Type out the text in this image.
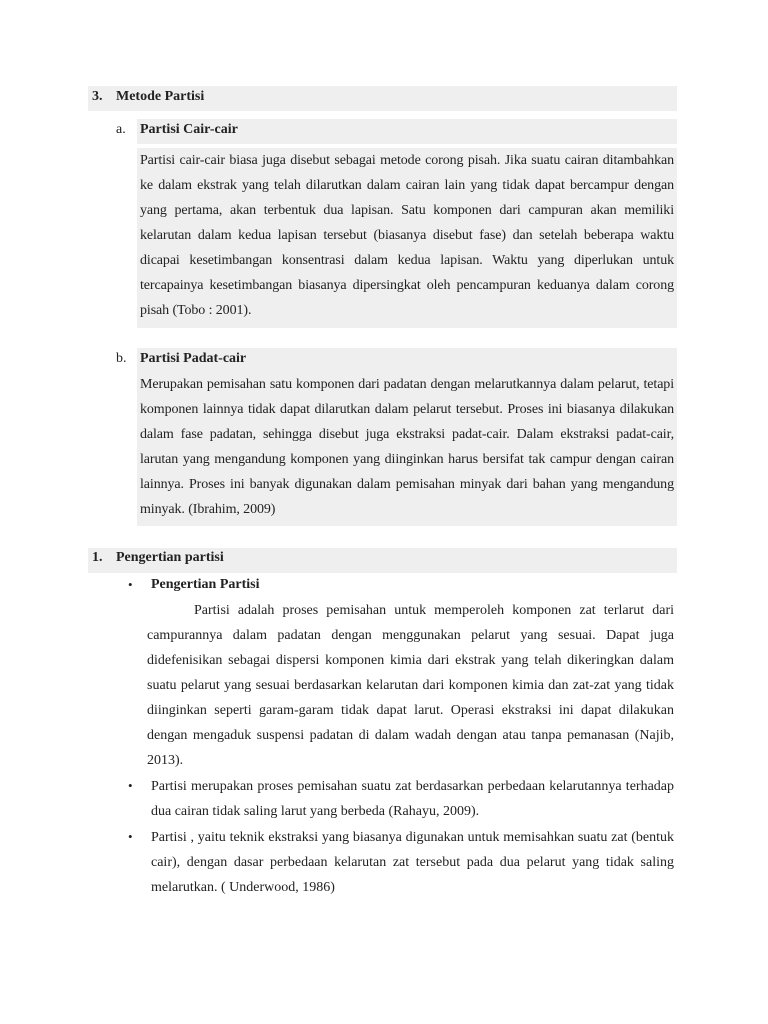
3. Metode Partisi
a. Partisi Cair-cair
Partisi cair-cair biasa juga disebut sebagai metode corong pisah. Jika suatu cairan ditambahkan ke dalam ekstrak yang telah dilarutkan dalam cairan lain yang tidak dapat bercampur dengan yang pertama, akan terbentuk dua lapisan. Satu komponen dari campuran akan memiliki kelarutan dalam kedua lapisan tersebut (biasanya disebut fase) dan setelah beberapa waktu dicapai kesetimbangan konsentrasi dalam kedua lapisan. Waktu yang diperlukan untuk tercapainya kesetimbangan biasanya dipersingkat oleh pencampuran keduanya dalam corong pisah (Tobo : 2001).
b. Partisi Padat-cair
Merupakan pemisahan satu komponen dari padatan dengan melarutkannya dalam pelarut, tetapi komponen lainnya tidak dapat dilarutkan dalam pelarut tersebut. Proses ini biasanya dilakukan dalam fase padatan, sehingga disebut juga ekstraksi padat-cair. Dalam ekstraksi padat-cair, larutan yang mengandung komponen yang diinginkan harus bersifat tak campur dengan cairan lainnya. Proses ini banyak digunakan dalam pemisahan minyak dari bahan yang mengandung minyak. (Ibrahim, 2009)
1. Pengertian partisi
• Pengertian Partisi
Partisi adalah proses pemisahan untuk memperoleh komponen zat terlarut dari campurannya dalam padatan dengan menggunakan pelarut yang sesuai. Dapat juga didefenisikan sebagai dispersi komponen kimia dari ekstrak yang telah dikeringkan dalam suatu pelarut yang sesuai berdasarkan kelarutan dari komponen kimia dan zat-zat yang tidak diinginkan seperti garam-garam tidak dapat larut. Operasi ekstraksi ini dapat dilakukan dengan mengaduk suspensi padatan di dalam wadah dengan atau tanpa pemanasan (Najib, 2013).
• Partisi merupakan proses pemisahan suatu zat berdasarkan perbedaan kelarutannya terhadap dua cairan tidak saling larut yang berbeda (Rahayu, 2009).
• Partisi , yaitu teknik ekstraksi yang biasanya digunakan untuk memisahkan suatu zat (bentuk cair), dengan dasar perbedaan kelarutan zat tersebut pada dua pelarut yang tidak saling melarutkan. ( Underwood, 1986)
